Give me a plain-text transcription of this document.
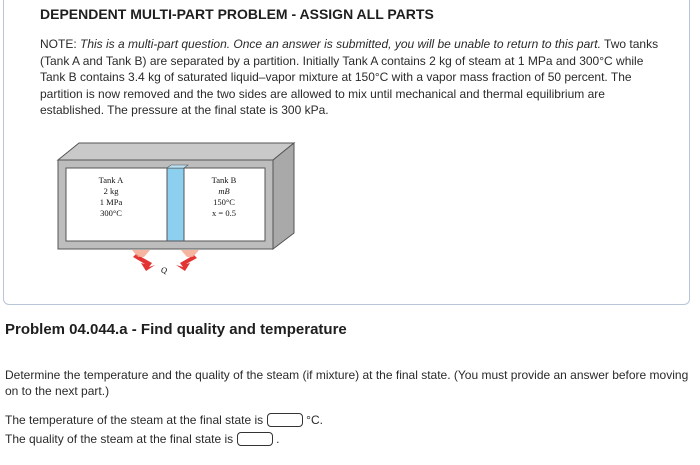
DEPENDENT MULTI-PART PROBLEM - ASSIGN ALL PARTS
NOTE: This is a multi-part question. Once an answer is submitted, you will be unable to return to this part. Two tanks (Tank A and Tank B) are separated by a partition. Initially Tank A contains 2 kg of steam at 1 MPa and 300°C while Tank B contains 3.4 kg of saturated liquid–vapor mixture at 150°C with a vapor mass fraction of 50 percent. The partition is now removed and the two sides are allowed to mix until mechanical and thermal equilibrium are established. The pressure at the final state is 300 kPa.
Tank A
2 kg
1 MPa
300°C
Tank B
mB
150°C
x = 0.5
Q
Problem 04.044.a - Find quality and temperature
Determine the temperature and the quality of the steam (if mixture) at the final state. (You must provide an answer before moving on to the next part.)
The temperature of the steam at the final state is	°C.
The quality of the steam at the final state is	.
